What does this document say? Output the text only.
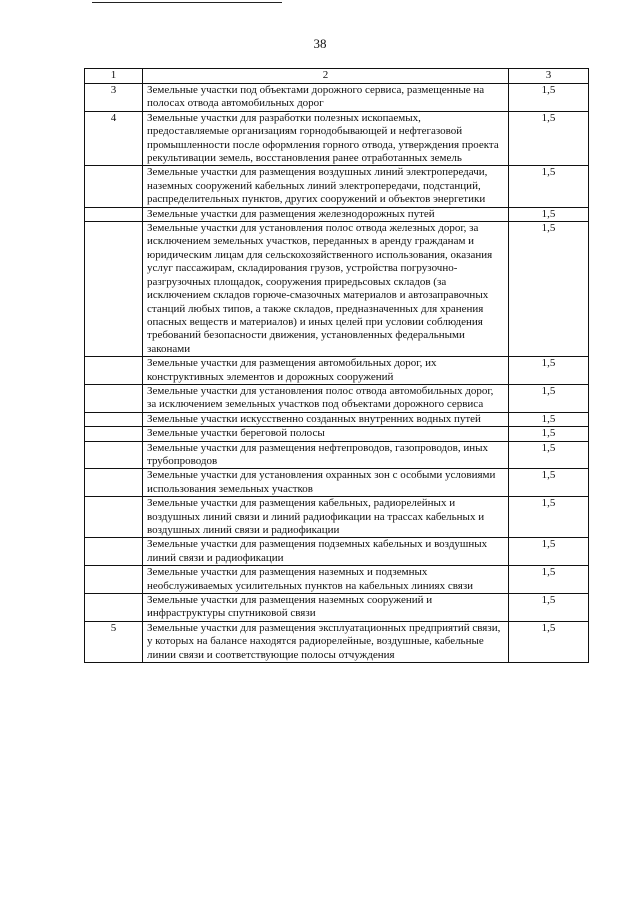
38
1	2	3
3	Земельные участки под объектами дорожного сервиса, размещенные на полосах отвода автомобильных дорог	1,5
4	Земельные участки для разработки полезных ископаемых, предоставляемые организациям горнодобывающей и нефтегазовой промышленности после оформления горного отвода, утверждения проекта рекультивации земель, восстановления ранее отработанных земель	1,5
	Земельные участки для размещения воздушных линий электропередачи, наземных сооружений кабельных линий электропередачи, подстанций, распределительных пунктов, других сооружений и объектов энергетики	1,5
	Земельные участки для размещения железнодорожных путей	1,5
	Земельные участки для установления полос отвода железных дорог, за исключением земельных участков, переданных в аренду гражданам и юридическим лицам для сельскохозяйственного использования, оказания услуг пассажирам, складирования грузов, устройства погрузочно-разгрузочных площадок, сооружения приредьсовых складов (за исключением складов горюче-смазочных материалов и автозаправочных станций любых типов, а также складов, предназначенных для хранения опасных веществ и материалов) и иных целей при условии соблюдения требований безопасности движения, установленных федеральными законами	1,5
	Земельные участки для размещения автомобильных дорог, их конструктивных элементов и дорожных сооружений	1,5
	Земельные участки для установления полос отвода автомобильных дорог, за исключением земельных участков под объектами дорожного сервиса	1,5
	Земельные участки искусственно созданных внутренних водных путей	1,5
	Земельные участки береговой полосы	1,5
	Земельные участки для размещения нефтепроводов, газопроводов, иных трубопроводов	1,5
	Земельные участки для установления охранных зон с особыми условиями использования земельных участков	1,5
	Земельные участки для размещения кабельных, радиорелейных и воздушных линий связи и линий радиофикации на трассах кабельных и воздушных линий связи и радиофикации	1,5
	Земельные участки для размещения подземных кабельных и воздушных линий связи и радиофикации	1,5
	Земельные участки для размещения наземных и подземных необслуживаемых усилительных пунктов на кабельных линиях связи	1,5
	Земельные участки для размещения наземных сооружений и инфраструктуры спутниковой связи	1,5
5	Земельные участки для размещения эксплуатационных предприятий связи, у которых на балансе находятся радиорелейные, воздушные, кабельные линии связи и соответствующие полосы отчуждения	1,5
